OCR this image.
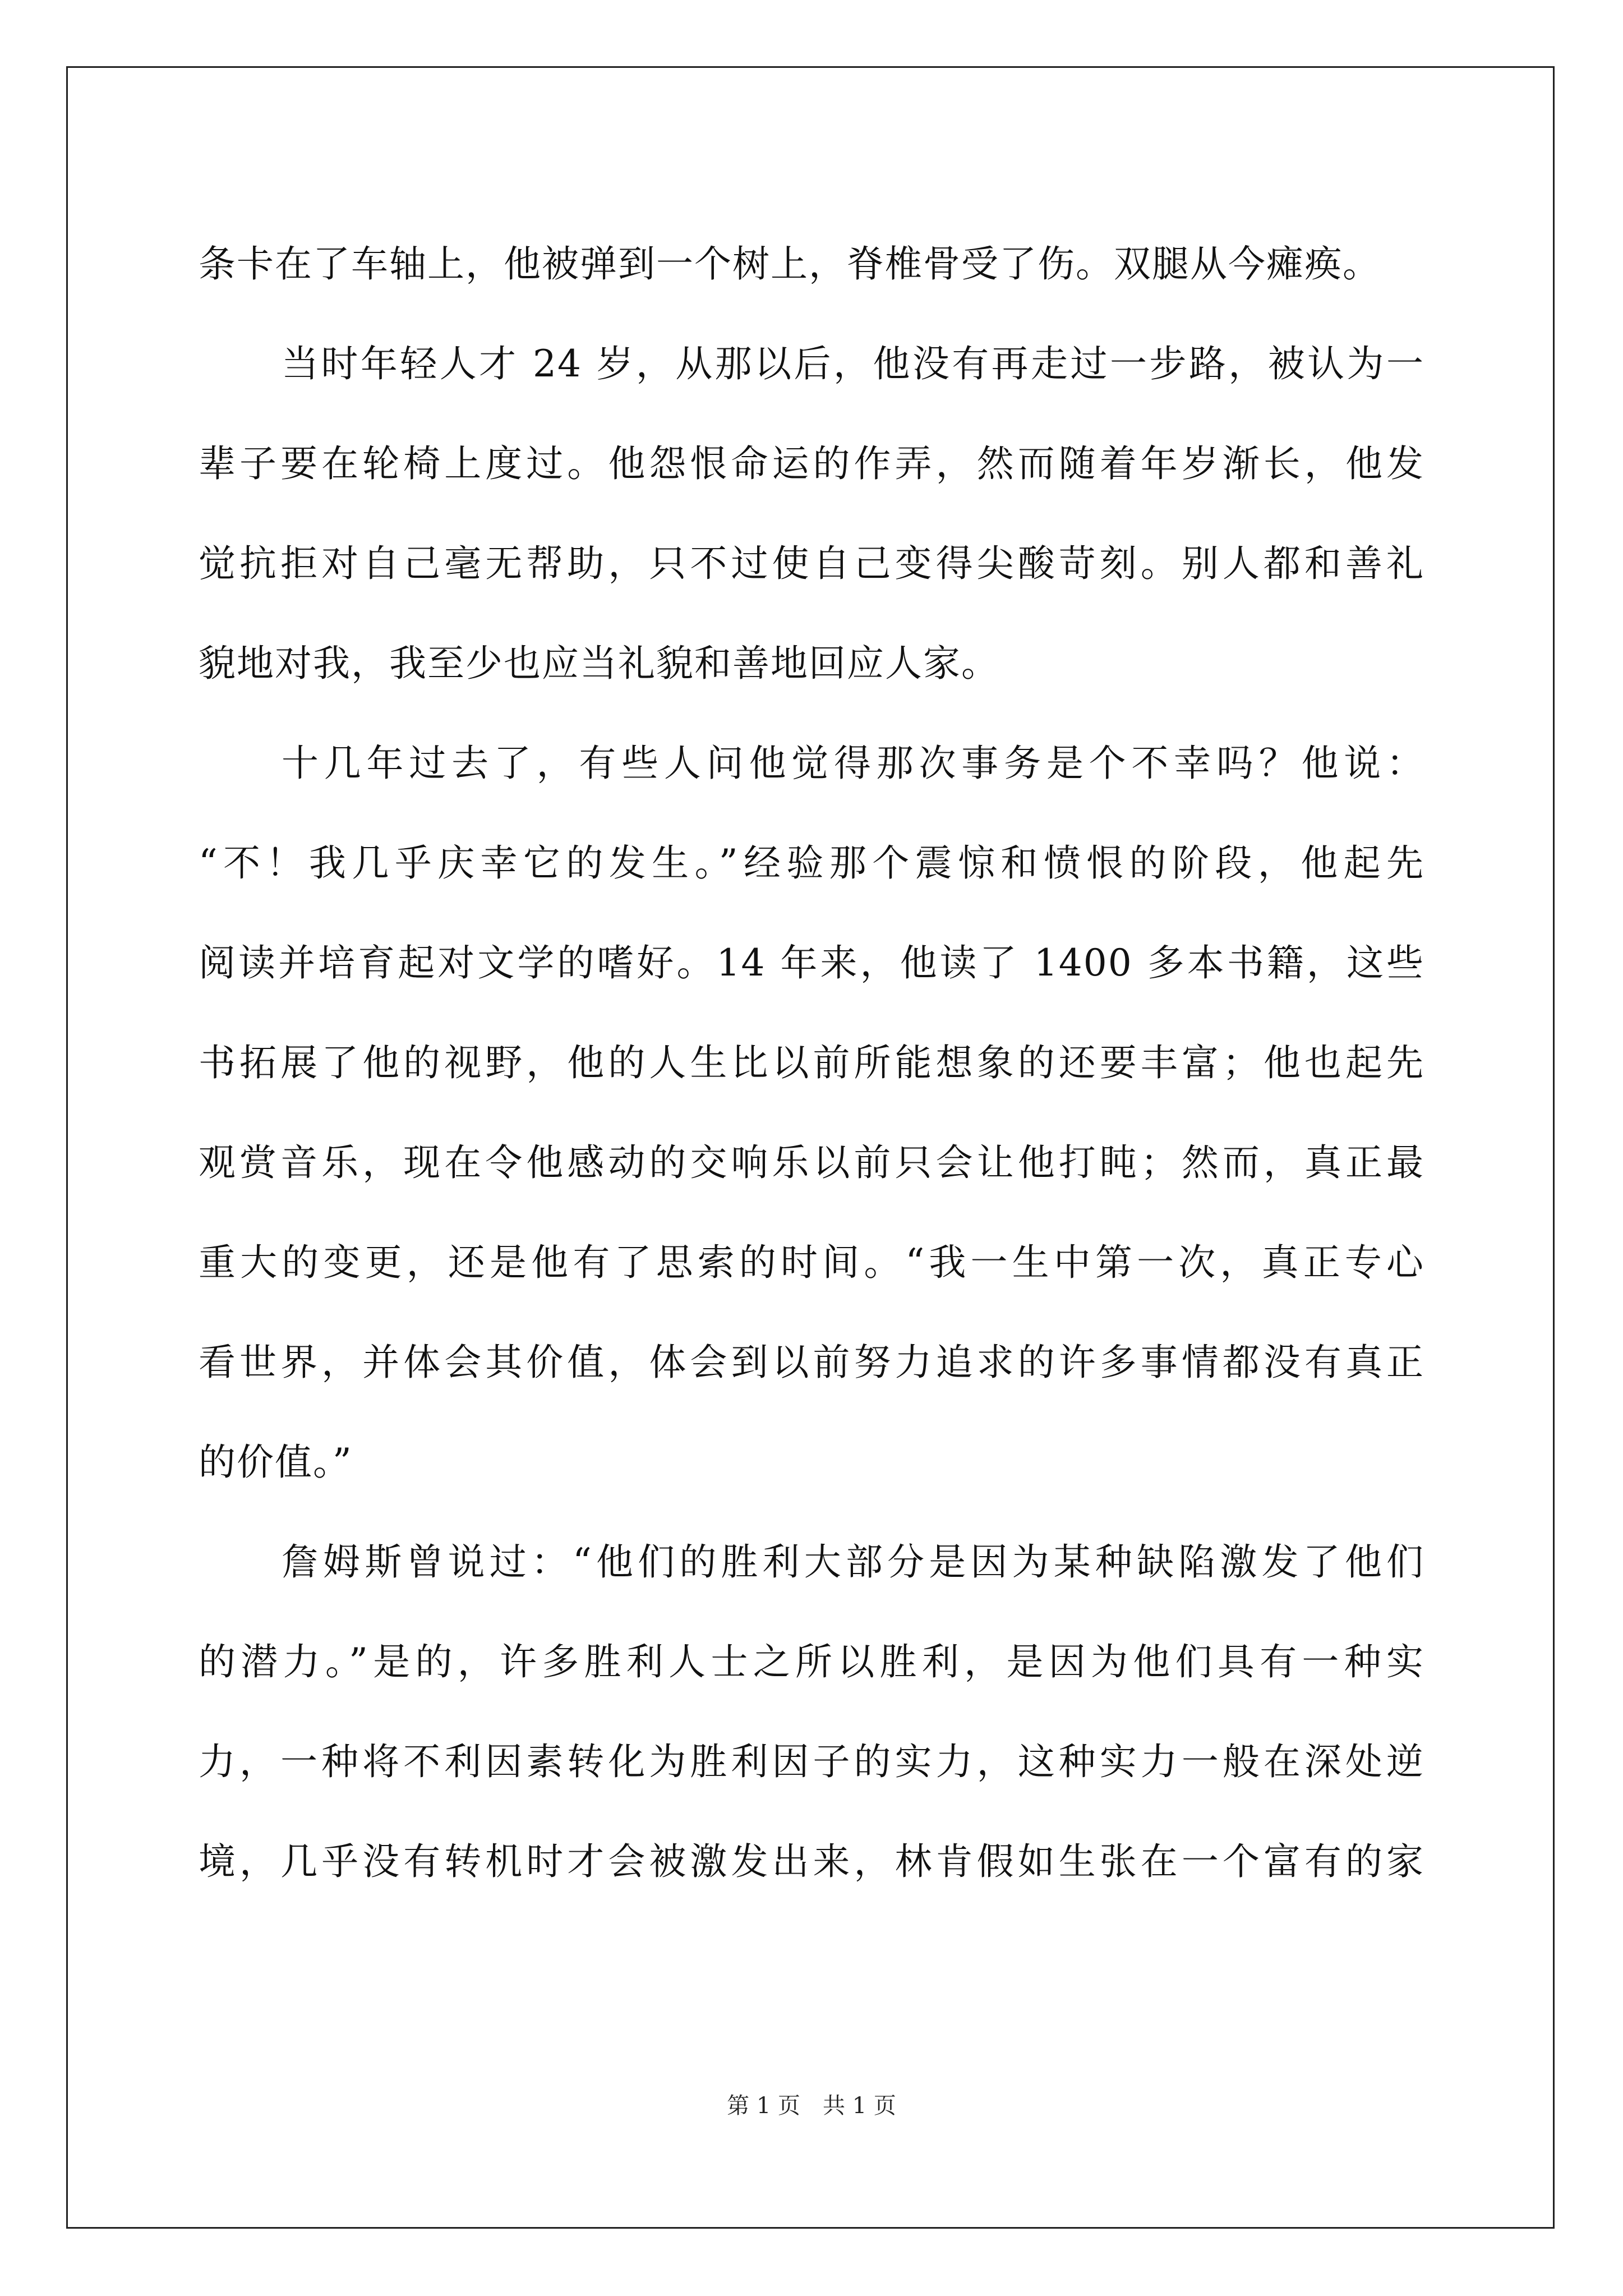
条卡在了车轴上，他被弹到一个树上，脊椎骨受了伤。双腿从今瘫痪。
当时年轻人才 24 岁，从那以后，他没有再走过一步路，被认为一
辈子要在轮椅上度过。他怨恨命运的作弄，然而随着年岁渐长，他发
觉抗拒对自己毫无帮助，只不过使自己变得尖酸苛刻。别人都和善礼
貌地对我，我至少也应当礼貌和善地回应人家。
十几年过去了，有些人问他觉得那次事务是个不幸吗？他说：
“不！我几乎庆幸它的发生。”经验那个震惊和愤恨的阶段，他起先
阅读并培育起对文学的嗜好。14 年来，他读了 1400 多本书籍，这些
书拓展了他的视野，他的人生比以前所能想象的还要丰富；他也起先
观赏音乐，现在令他感动的交响乐以前只会让他打盹；然而，真正最
重大的变更，还是他有了思索的时间。“我一生中第一次，真正专心
看世界，并体会其价值，体会到以前努力追求的许多事情都没有真正
的价值。”
詹姆斯曾说过：“他们的胜利大部分是因为某种缺陷激发了他们
的潜力。”是的，许多胜利人士之所以胜利，是因为他们具有一种实
力，一种将不利因素转化为胜利因子的实力，这种实力一般在深处逆
境，几乎没有转机时才会被激发出来，林肯假如生张在一个富有的家
第 1 页　共 1 页
